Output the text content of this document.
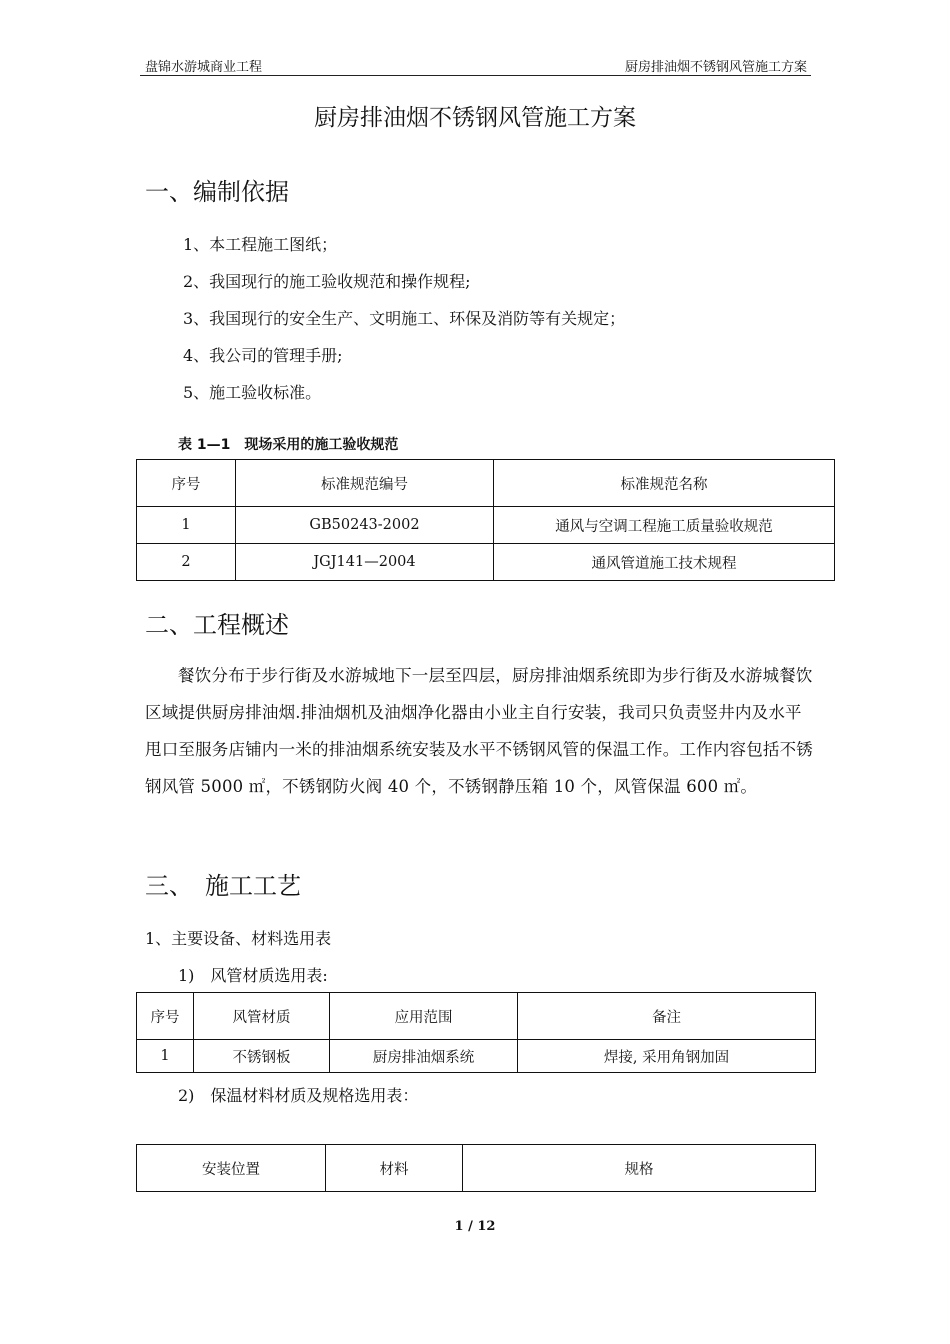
盘锦水游城商业工程	厨房排油烟不锈钢风管施工方案
厨房排油烟不锈钢风管施工方案
一、编制依据
1、本工程施工图纸；
2、我国现行的施工验收规范和操作规程;
3、我国现行的安全生产、文明施工、环保及消防等有关规定；
4、我公司的管理手册;
5、施工验收标准。
表 1—1　现场采用的施工验收规范
序号	标准规范编号	标准规范名称
1	GB50243-2002	通风与空调工程施工质量验收规范
2	JGJ141—2004	通风管道施工技术规程
二、工程概述

餐饮分布于步行街及水游城地下一层至四层，厨房排油烟系统即为步行街及水游城餐饮区域提供厨房排油烟.排油烟机及油烟净化器由小业主自行安装，我司只负责竖井内及水平甩口至服务店铺内一米的排油烟系统安装及水平不锈钢风管的保温工作。工作内容包括不锈钢风管 5000 ㎡，不锈钢防火阀 40 个，不锈钢静压箱 10 个，风管保温 600 ㎡。

三、　施工工艺
1、主要设备、材料选用表
1)　风管材质选用表:
序号	风管材质	应用范围	备注
1	不锈钢板	厨房排油烟系统	焊接, 采用角钢加固
2)　保温材料材质及规格选用表：
安装位置	材料	规格
1 / 12
